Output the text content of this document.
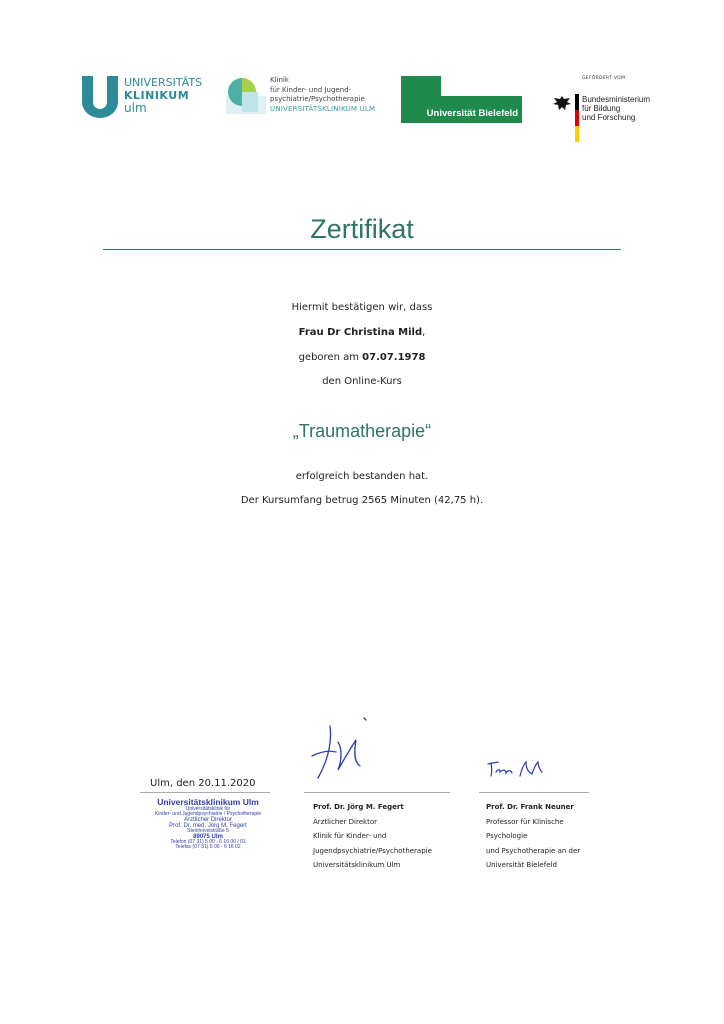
UNIVERSITÄTS
KLINIKUM
ulm
Klinik
für Kinder- und Jugend-
psychiatrie/Psychotherapie
UNIVERSITÄTSKLINIKUM ULM	Universität Bielefeld
GEFÖRDERT VOM
Bundesministerium
für Bildung
und Forschung
Zertifikat
Hiermit bestätigen wir, dass
Frau Dr Christina Mild,
geboren am 07.07.1978
den Online-Kurs
„Traumatherapie“
erfolgreich bestanden hat.
Der Kursumfang betrug 2565 Minuten (42,75 h).
Ulm, den 20.11.2020
Universitätsklinikum Ulm
Universitätsklinik für
Kinder- und Jugendpsychiatrie / Psychotherapie
Ärztlicher Direktor
Prof. Dr. med. Jörg M. Fegert
Steinhövelstraße 5
89075 Ulm
Telefon (07 31) 5 00 - 6 16 00 / 01
Telefax (07 31) 5 00 - 6 16 02
Prof. Dr. Jörg M. Fegert
Ärztlicher Direktor
Klinik für Kinder- und
Jugendpsychiatrie/Psychotherapie
Universitätsklinikum Ulm
Prof. Dr. Frank Neuner
Professor für Klinische
Psychologie
und Psychotherapie an der
Universität Bielefeld
